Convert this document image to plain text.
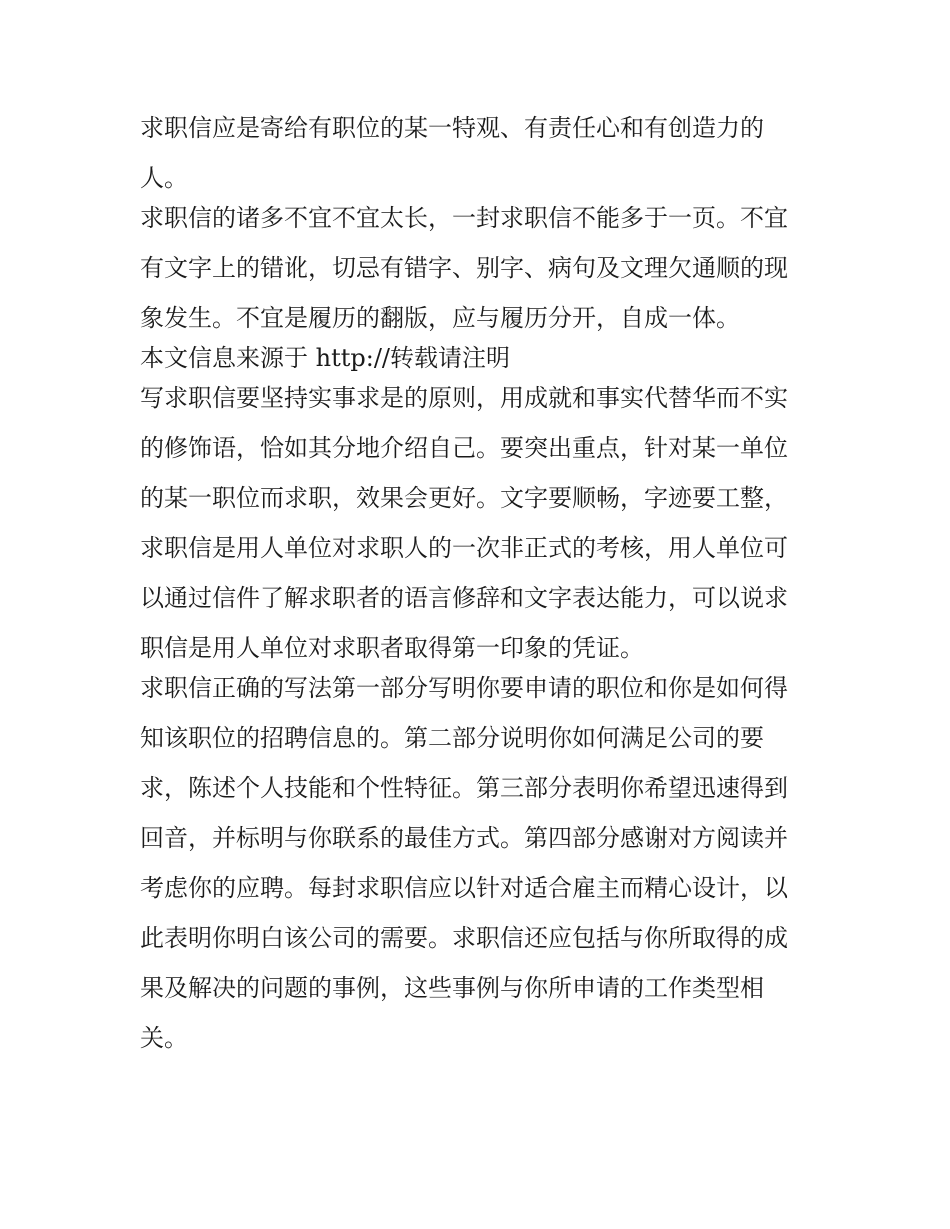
求职信应是寄给有职位的某一特观、有责任心和有创造力的
人。
求职信的诸多不宜不宜太长，一封求职信不能多于一页。不宜
有文字上的错讹，切忌有错字、别字、病句及文理欠通顺的现
象发生。不宜是履历的翻版，应与履历分开，自成一体。
本文信息来源于 http://转载请注明
写求职信要坚持实事求是的原则，用成就和事实代替华而不实
的修饰语，恰如其分地介绍自己。要突出重点，针对某一单位
的某一职位而求职，效果会更好。文字要顺畅，字迹要工整，
求职信是用人单位对求职人的一次非正式的考核，用人单位可
以通过信件了解求职者的语言修辞和文字表达能力，可以说求
职信是用人单位对求职者取得第一印象的凭证。
求职信正确的写法第一部分写明你要申请的职位和你是如何得
知该职位的招聘信息的。第二部分说明你如何满足公司的要
求，陈述个人技能和个性特征。第三部分表明你希望迅速得到
回音，并标明与你联系的最佳方式。第四部分感谢对方阅读并
考虑你的应聘。每封求职信应以针对适合雇主而精心设计，以
此表明你明白该公司的需要。求职信还应包括与你所取得的成
果及解决的问题的事例，这些事例与你所申请的工作类型相
关。
